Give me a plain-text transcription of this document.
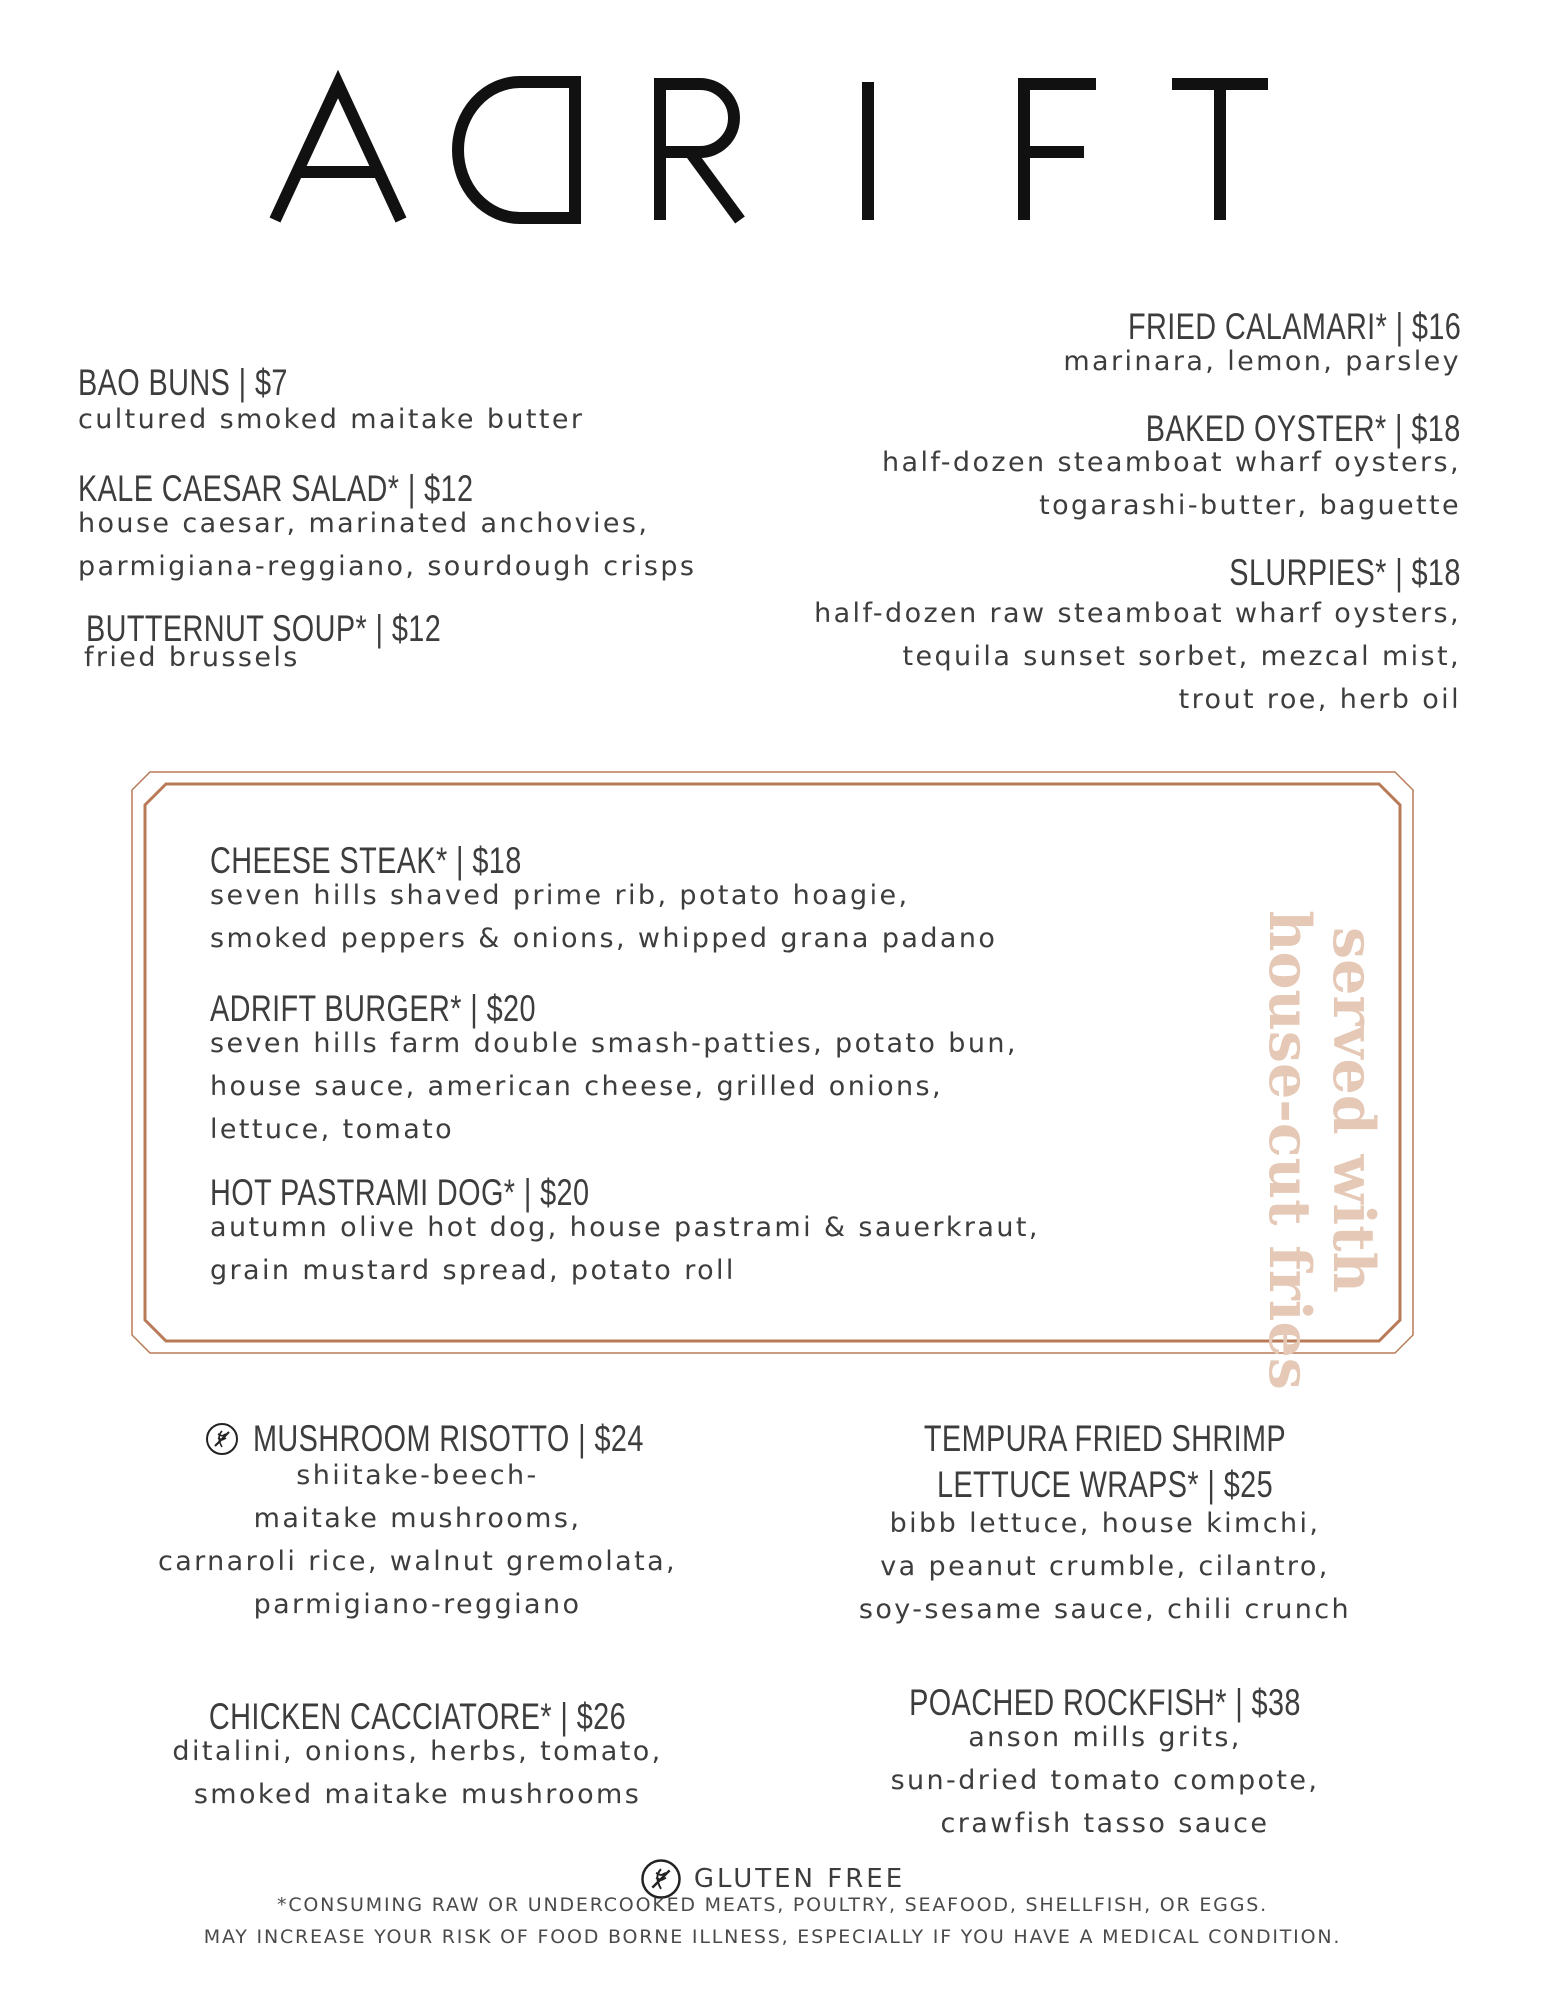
BAO BUNS | $7
cultured smoked maitake butter
KALE CAESAR SALAD* | $12
house caesar, marinated anchovies,
parmigiana-reggiano, sourdough crisps
BUTTERNUT SOUP* | $12
fried brussels
FRIED CALAMARI* | $16
marinara, lemon, parsley
BAKED OYSTER* | $18
half-dozen steamboat wharf oysters,
togarashi-butter, baguette
SLURPIES* | $18
half-dozen raw steamboat wharf oysters,
tequila sunset sorbet, mezcal mist,
trout roe, herb oil
CHEESE STEAK* | $18
seven hills shaved prime rib, potato hoagie,
smoked peppers & onions, whipped grana padano
ADRIFT BURGER* | $20
seven hills farm double smash-patties, potato bun,
house sauce, american cheese, grilled onions,
lettuce, tomato
HOT PASTRAMI DOG* | $20
autumn olive hot dog, house pastrami & sauerkraut,
grain mustard spread, potato roll	served with
house-cut fries
MUSHROOM RISOTTO | $24
shiitake-beech-
maitake mushrooms,
carnaroli rice, walnut gremolata,
parmigiano-reggiano
CHICKEN CACCIATORE* | $26
ditalini, onions, herbs, tomato,
smoked maitake mushrooms
TEMPURA FRIED SHRIMP
LETTUCE WRAPS* | $25
bibb lettuce, house kimchi,
va peanut crumble, cilantro,
soy-sesame sauce, chili crunch
POACHED ROCKFISH* | $38
anson mills grits,
sun-dried tomato compote,
crawfish tasso sauce
GLUTEN FREE
*CONSUMING RAW OR UNDERCOOKED MEATS, POULTRY, SEAFOOD, SHELLFISH, OR EGGS.
MAY INCREASE YOUR RISK OF FOOD BORNE ILLNESS, ESPECIALLY IF YOU HAVE A MEDICAL CONDITION.
